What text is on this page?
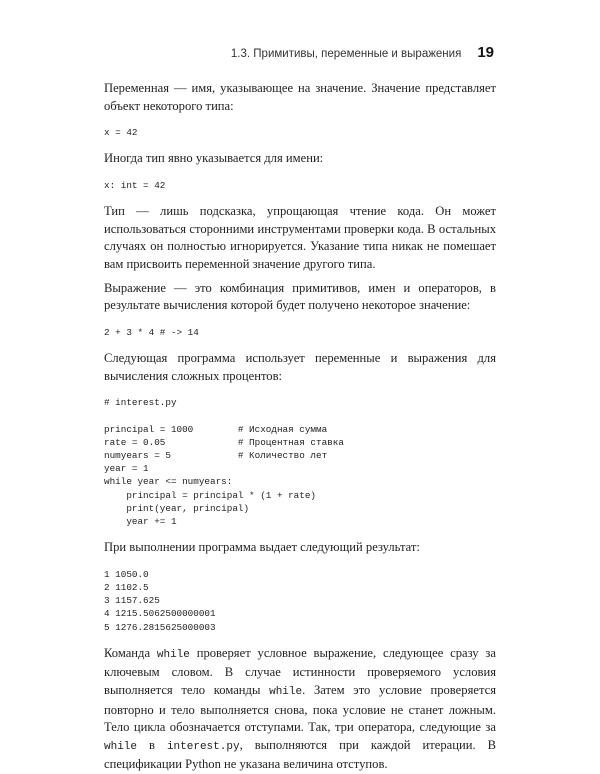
1.3. Примитивы, переменные и выражения 19

Переменная — имя, указывающее на значение. Значение представляет объект некоторого типа:

x = 42

Иногда тип явно указывается для имени:

x: int = 42

Тип — лишь подсказка, упрощающая чтение кода. Он может использоваться сторонними инструментами проверки кода. В остальных случаях он полностью игнорируется. Указание типа никак не помешает вам присвоить переменной значение другого типа.

Выражение — это комбинация примитивов, имен и операторов, в результате вычисления которой будет получено некоторое значение:

2 + 3 * 4 # -> 14

Следующая программа использует переменные и выражения для вычисления сложных процентов:

# interest.py

principal = 1000        # Исходная сумма
rate = 0.05             # Процентная ставка
numyears = 5            # Количество лет
year = 1
while year <= numyears:
principal = principal * (1 + rate)
print(year, principal)
year += 1

При выполнении программа выдает следующий результат:

1 1050.0
2 1102.5
3 1157.625
4 1215.5062500000001
5 1276.2815625000003

Команда while проверяет условное выражение, следующее сразу за ключевым словом. В случае истинности проверяемого условия выполняется тело команды while. Затем это условие проверяется повторно и тело выполняется снова, пока условие не станет ложным. Тело цикла обозначается отступами. Так, три оператора, следующие за while в interest.py, выполняются при каждой итерации. В спецификации Python не указана величина отступов.
